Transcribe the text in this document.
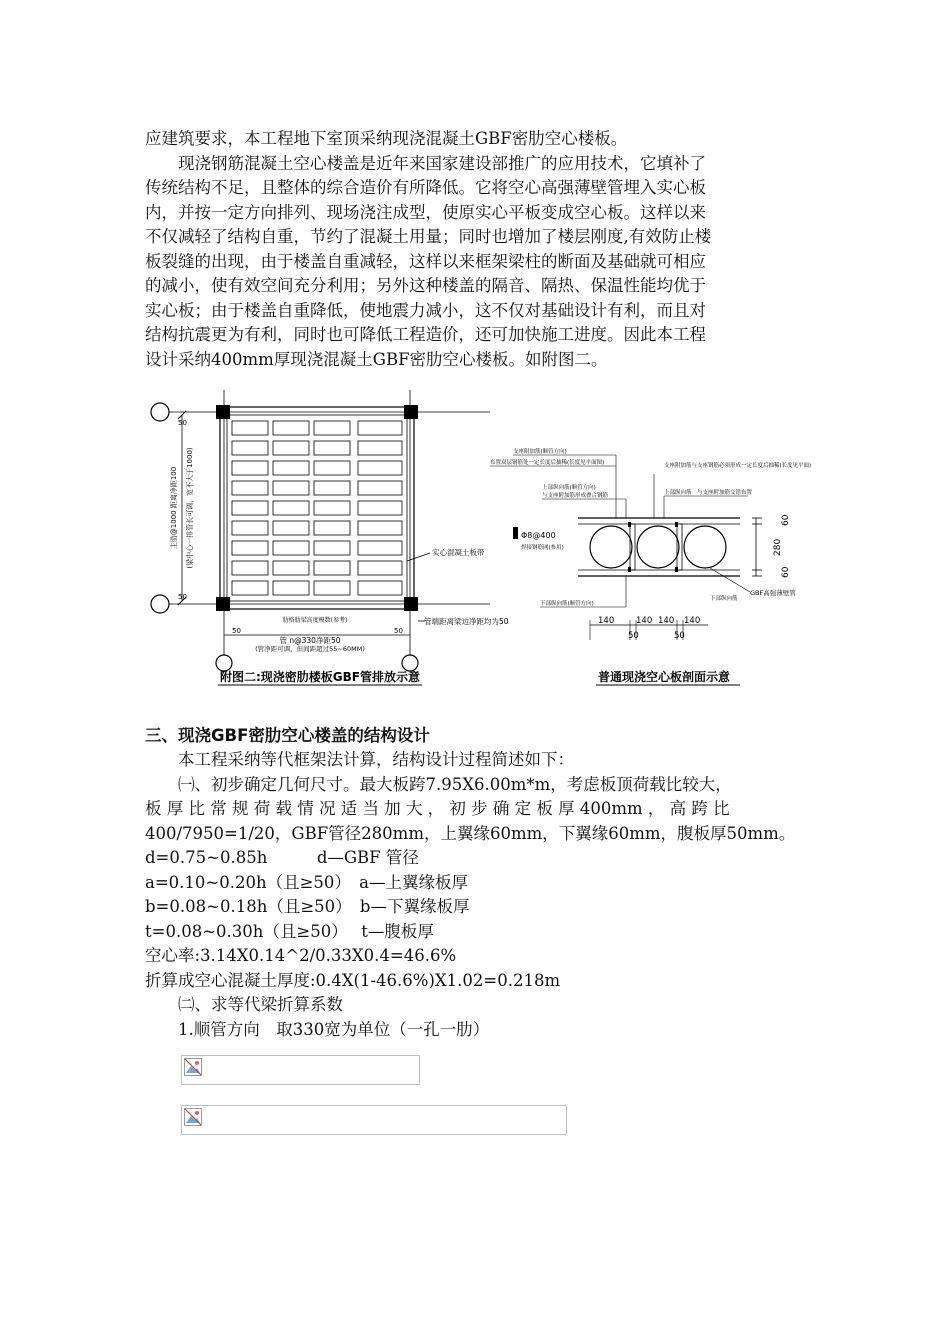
应建筑要求，本工程地下室顶采纳现浇混凝土GBF密肋空心楼板。
　　现浇钢筋混凝土空心楼盖是近年来国家建设部推广的应用技术，它填补了
传统结构不足，且整体的综合造价有所降低。它将空心高强薄壁管埋入实心板
内，并按一定方向排列、现场浇注成型，使原实心平板变成空心板。这样以来
不仅减轻了结构自重，节约了混凝土用量；同时也增加了楼层刚度,有效防止楼
板裂缝的出现，由于楼盖自重减轻，这样以来框架梁柱的断面及基础就可相应
的减小，使有效空间充分利用；另外这种楼盖的隔音、隔热、保温性能均优于
实心板；由于楼盖自重降低，使地震力减小，这不仅对基础设计有利，而且对
结构抗震更为有利，同时也可降低工程造价，还可加快施工进度。因此本工程
设计采纳400mm厚现浇混凝土GBF密肋空心楼板。如附图二。
主肋@1000 距离净距100 (梁中心一排管长可调，宽不大于1000)
50
50
50	50
管 n@330净距50
(管净距可调，但间距超过55~60MM)
肋格肋梁高度模数(参考)
实心混凝土板带
管端距离梁边净距均为50
附图二:现浇密肋楼板GBF管排放示意
Φ8@400
焊接钢筋网(参用)
支座附加筋(顺管方向)
布置双层钢筋处一定长度后抽稀(长度见平面图)
上部纵向筋(顺管方向)
与支座附加筋形成叠合钢筋
支座附加筋与支座钢筋必须形成一定长度后抽稀(长度见平面)
上部纵向筋　与支座附加筋交错布置
60
280
60
下部纵向筋(顺管方向)
GBF高强薄壁管
下部纵向筋
140	140 140 140
50	50
普通现浇空心板剖面示意
三、现浇GBF密肋空心楼盖的结构设计
　　本工程采纳等代框架法计算，结构设计过程简述如下：
　　㈠、初步确定几何尺寸。最大板跨7.95X6.00m*m，考虑板顶荷载比较大，
板 厚 比 常 规 荷 载 情 况 适 当 加 大 ， 初 步 确 定 板 厚 400mm ， 高 跨 比
400/7950=1/20，GBF管径280mm，上翼缘60mm，下翼缘60mm，腹板厚50mm。
d=0.75~0.85h　　　d—GBF 管径
a=0.10~0.20h（且≥50）　a—上翼缘板厚
b=0.08~0.18h（且≥50）　b—下翼缘板厚
t=0.08~0.30h（且≥50）　 t—腹板厚
空心率:3.14X0.14^2/0.33X0.4=46.6%
折算成空心混凝土厚度:0.4X(1-46.6%)X1.02=0.218m
　　㈡、求等代梁折算系数
　　1.顺管方向　取330宽为单位（一孔一肋）
